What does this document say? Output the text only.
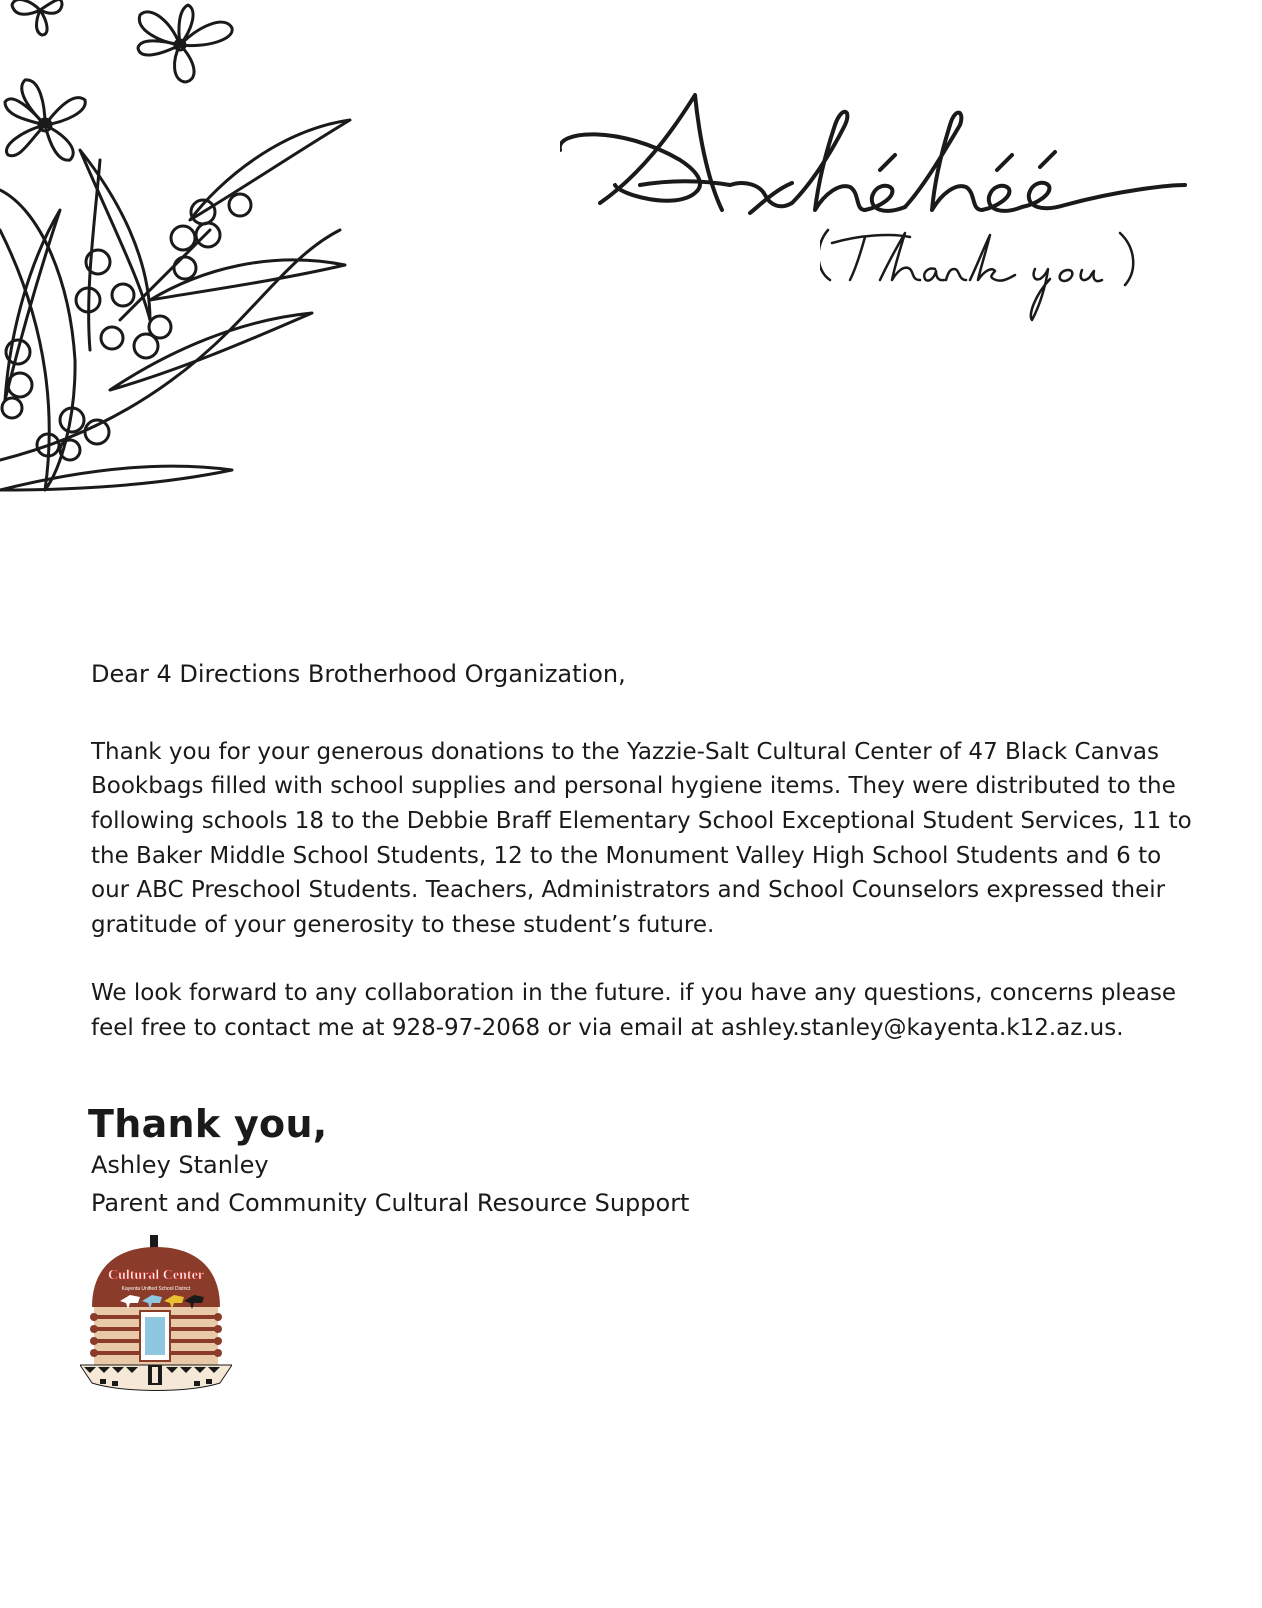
Dear 4 Directions Brotherhood Organization,

Thank you for your generous donations to the Yazzie-Salt Cultural Center of 47 Black Canvas Bookbags filled with school supplies and personal hygiene items. They were distributed to the following schools 18 to the Debbie Braff Elementary School Exceptional Student Services, 11 to the Baker Middle School Students, 12 to the Monument Valley High School Students and 6 to our ABC Preschool Students. Teachers, Administrators and School Counselors expressed their gratitude of your generosity to these student’s future.

We look forward to any collaboration in the future. if you have any questions, concerns please feel free to contact me at 928-97-2068 or via email at ashley.stanley@kayenta.k12.az.us.

Thank you,
Ashley Stanley
Parent and Community Cultural Resource Support
Cultural Center
Kayenta Unified School District
